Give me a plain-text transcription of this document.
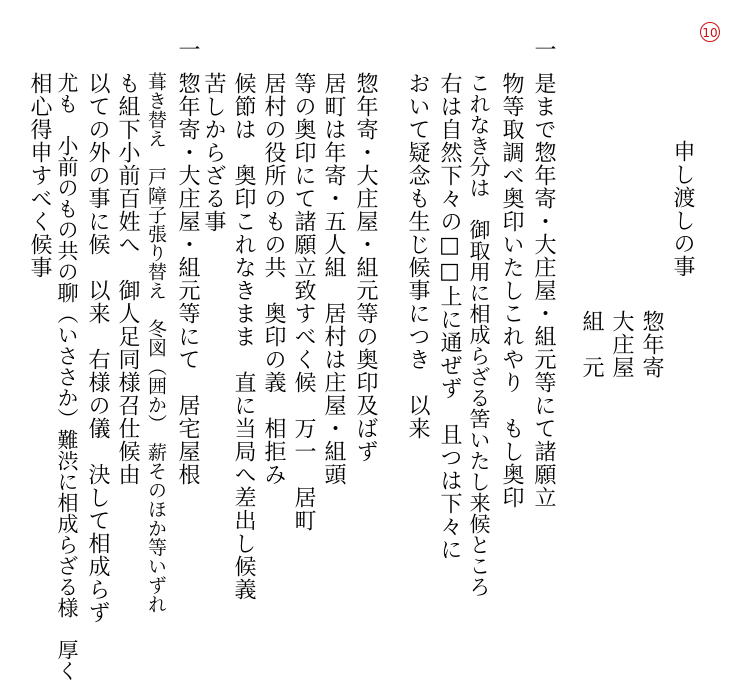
10
申し渡しの事
惣年寄
大庄屋
組　元
一
是まで惣年寄・大庄屋・組元等にて諸願立
物等取調べ奥印いたしこれやり　もし奥印
これなき分は　御取用に相成らざる筈いたし来候ところ
右は自然下々の□□上に通ぜず　且つは下々に
おいて疑念も生じ候事につき　以来
惣年寄・大庄屋・組元等の奥印及ばず
居町は年寄・五人組　居村は庄屋・組頭
等の奥印にて諸願立致すべく候　万一　居町
居村の役所のもの共　奥印の義　相拒み
候節は　奥印これなきまま　直に当局へ差出し候義
苦しからざる事
一
惣年寄・大庄屋・組元等にて　居宅屋根
葺き替え　戸障子張り替え　冬図（囲か）　薪そのほか等いずれ
も組下小前百姓へ　御人足同様召仕候由
以ての外の事に候　以来　右様の儀　決して相成らず
尤も　小前のもの共の聊（いささか）難渋に相成らざる様　厚く
相心得申すべく候事
